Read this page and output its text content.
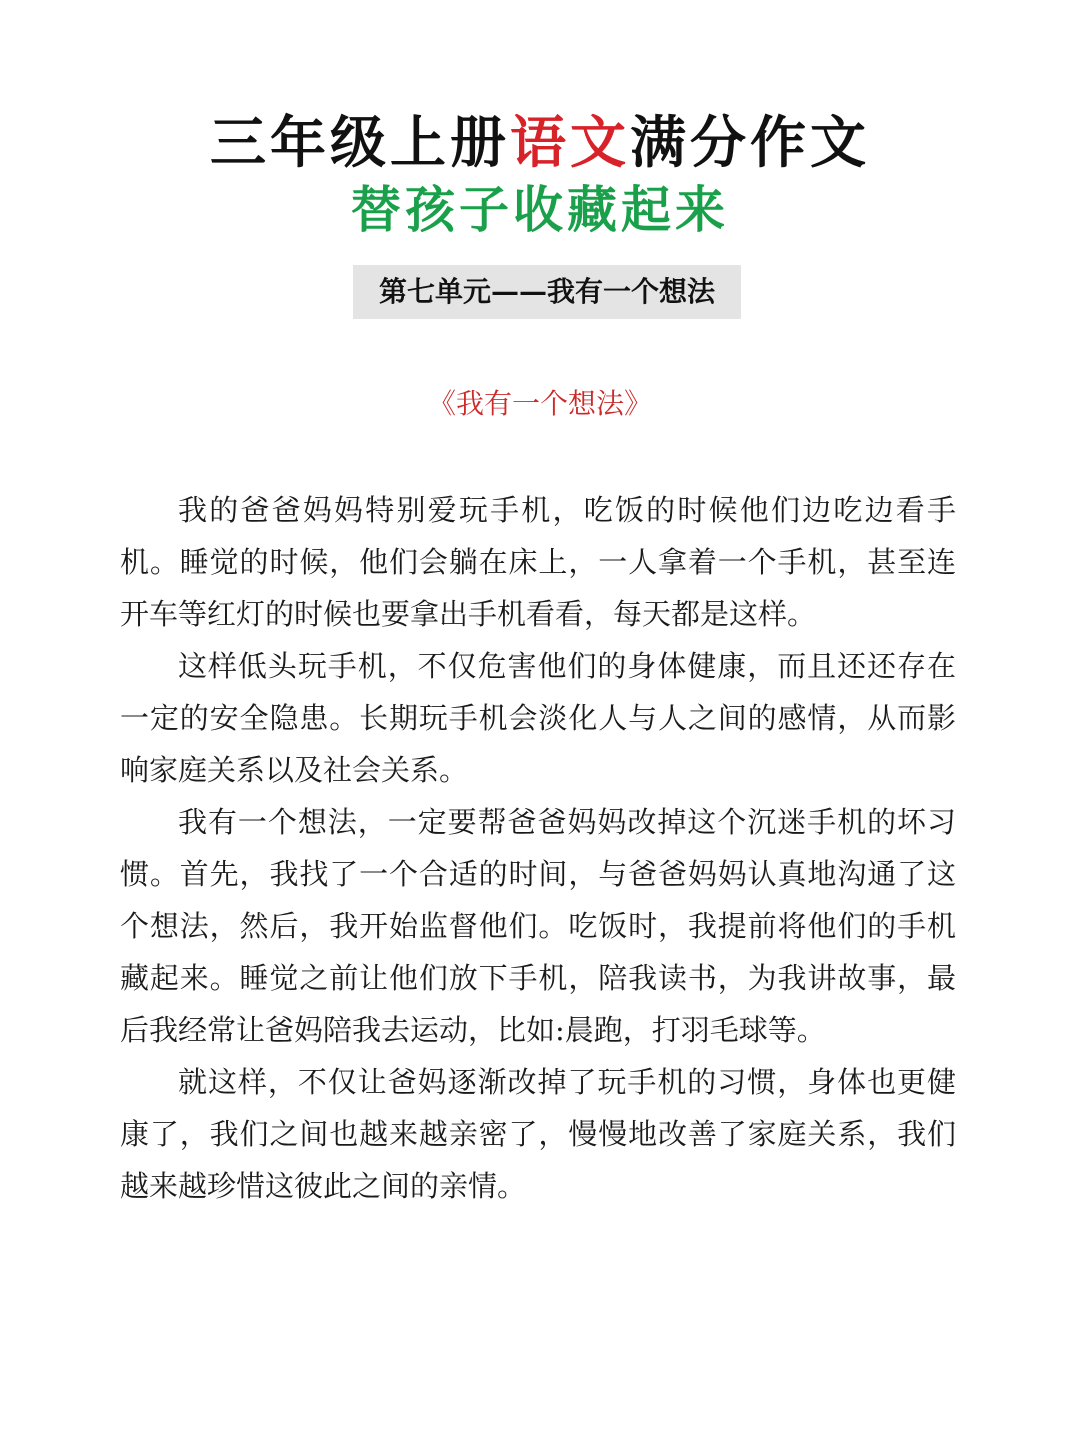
三年级上册语文满分作文
替孩子收藏起来
第七单元——我有一个想法
《我有一个想法》

我的爸爸妈妈特别爱玩手机，吃饭的时候他们边吃边看手机。睡觉的时候，他们会躺在床上，一人拿着一个手机，甚至连开车等红灯的时候也要拿出手机看看，每天都是这样。

这样低头玩手机，不仅危害他们的身体健康，而且还还存在一定的安全隐患。长期玩手机会淡化人与人之间的感情，从而影响家庭关系以及社会关系。

我有一个想法，一定要帮爸爸妈妈改掉这个沉迷手机的坏习惯。首先，我找了一个合适的时间，与爸爸妈妈认真地沟通了这个想法，然后，我开始监督他们。吃饭时，我提前将他们的手机藏起来。睡觉之前让他们放下手机，陪我读书，为我讲故事，最后我经常让爸妈陪我去运动，比如:晨跑，打羽毛球等。

就这样，不仅让爸妈逐渐改掉了玩手机的习惯，身体也更健康了，我们之间也越来越亲密了，慢慢地改善了家庭关系，我们越来越珍惜这彼此之间的亲情。
